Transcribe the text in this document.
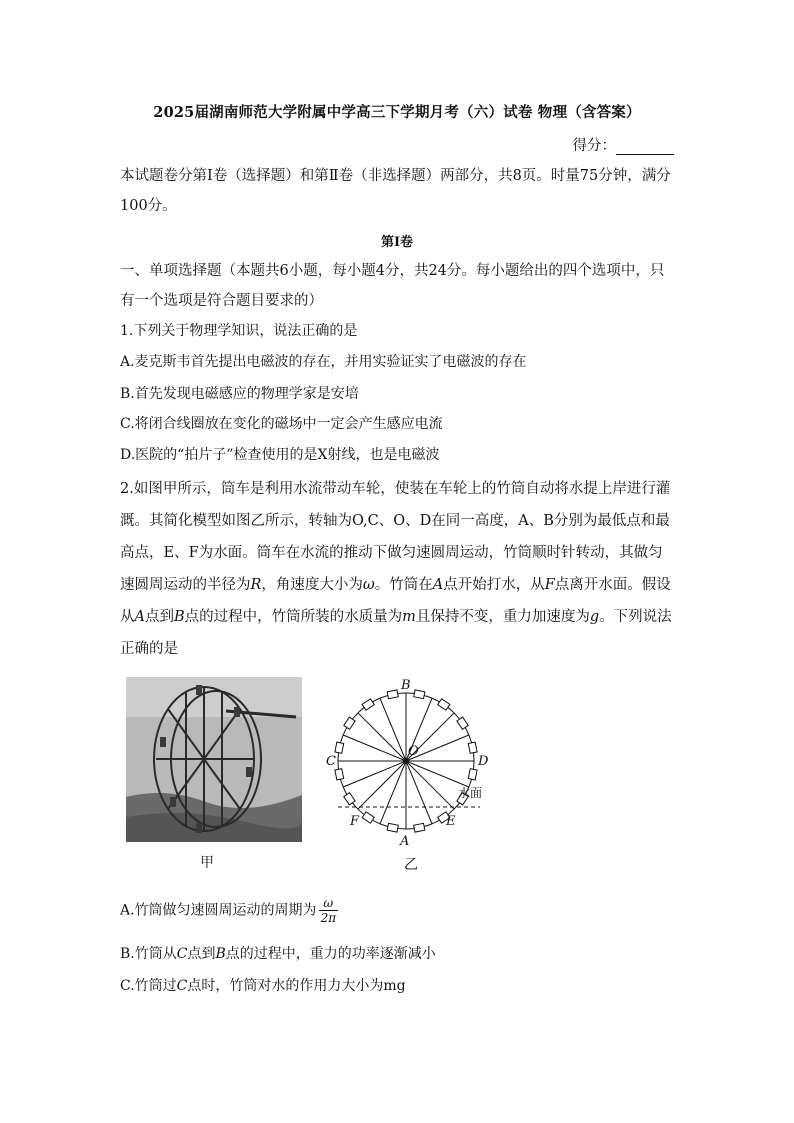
2025届湖南师范大学附属中学高三下学期月考（六）试卷 物理（含答案）
得分：
本试题卷分第Ⅰ卷（选择题）和第Ⅱ卷（非选择题）两部分，共8页。时量75分钟，满分100分。
第Ⅰ卷
一、单项选择题（本题共6小题，每小题4分，共24分。每小题给出的四个选项中，只有一个选项是符合题目要求的）
1.下列关于物理学知识，说法正确的是
A.麦克斯韦首先提出电磁波的存在，并用实验证实了电磁波的存在
B.首先发现电磁感应的物理学家是安培
C.将闭合线圈放在变化的磁场中一定会产生感应电流
D.医院的“拍片子”检查使用的是X射线，也是电磁波
2.如图甲所示，筒车是利用水流带动车轮，使装在车轮上的竹筒自动将水提上岸进行灌溉。其简化模型如图乙所示，转轴为O,C、O、D在同一高度，A、B分别为最低点和最高点，E、F为水面。筒车在水流的推动下做匀速圆周运动，竹筒顺时针转动，其做匀速圆周运动的半径为R，角速度大小为ω。竹筒在A点开始打水，从F点离开水面。假设从A点到B点的过程中，竹筒所装的水质量为m且保持不变，重力加速度为g。下列说法正确的是
甲
B
O
C	D
F	E
A
水面
乙
A.竹筒做匀速圆周运动的周期为 $\frac{\omega}{2\pi}$
B.竹筒从C点到B点的过程中，重力的功率逐渐减小
C.竹筒过C点时，竹筒对水的作用力大小为mg
